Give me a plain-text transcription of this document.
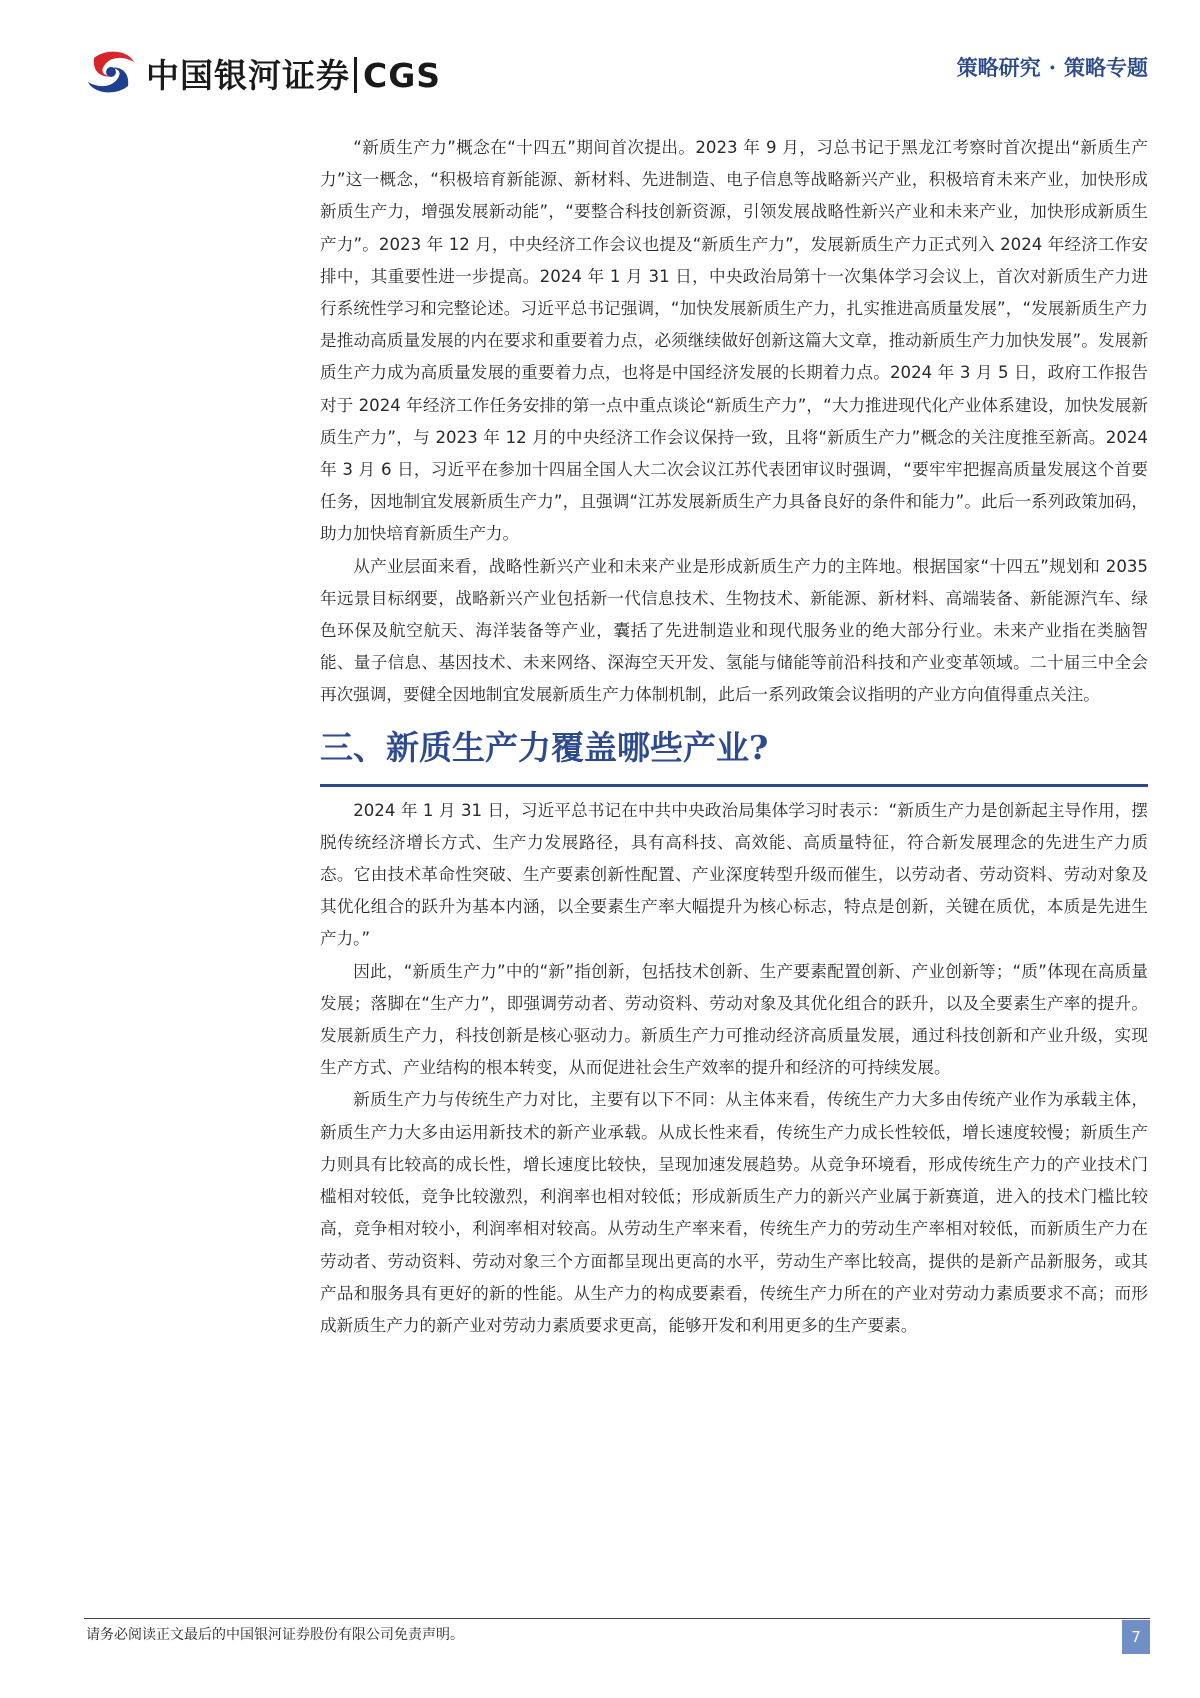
中国银河证券 CGS	策略研究 · 策略专题

“新质生产力”概念在“十四五”期间首次提出。2023 年 9 月，习总书记于黑龙江考察时首次提出“新质生产力”这一概念，“积极培育新能源、新材料、先进制造、电子信息等战略新兴产业，积极培育未来产业，加快形成新质生产力，增强发展新动能”，“要整合科技创新资源，引领发展战略性新兴产业和未来产业，加快形成新质生产力”。2023 年 12 月，中央经济工作会议也提及“新质生产力”，发展新质生产力正式列入 2024 年经济工作安排中，其重要性进一步提高。2024 年 1 月 31 日，中央政治局第十一次集体学习会议上，首次对新质生产力进行系统性学习和完整论述。习近平总书记强调，“加快发展新质生产力，扎实推进高质量发展”，“发展新质生产力是推动高质量发展的内在要求和重要着力点，必须继续做好创新这篇大文章，推动新质生产力加快发展”。发展新质生产力成为高质量发展的重要着力点，也将是中国经济发展的长期着力点。2024 年 3 月 5 日，政府工作报告对于 2024 年经济工作任务安排的第一点中重点谈论“新质生产力”，“大力推进现代化产业体系建设，加快发展新质生产力”，与 2023 年 12 月的中央经济工作会议保持一致，且将“新质生产力”概念的关注度推至新高。2024 年 3 月 6 日，习近平在参加十四届全国人大二次会议江苏代表团审议时强调，“要牢牢把握高质量发展这个首要任务，因地制宜发展新质生产力”，且强调“江苏发展新质生产力具备良好的条件和能力”。此后一系列政策加码，助力加快培育新质生产力。

从产业层面来看，战略性新兴产业和未来产业是形成新质生产力的主阵地。根据国家“十四五”规划和 2035 年远景目标纲要，战略新兴产业包括新一代信息技术、生物技术、新能源、新材料、高端装备、新能源汽车、绿色环保及航空航天、海洋装备等产业，囊括了先进制造业和现代服务业的绝大部分行业。未来产业指在类脑智能、量子信息、基因技术、未来网络、深海空天开发、氢能与储能等前沿科技和产业变革领域。二十届三中全会再次强调，要健全因地制宜发展新质生产力体制机制，此后一系列政策会议指明的产业方向值得重点关注。

三、新质生产力覆盖哪些产业?

2024 年 1 月 31 日，习近平总书记在中共中央政治局集体学习时表示：“新质生产力是创新起主导作用，摆脱传统经济增长方式、生产力发展路径，具有高科技、高效能、高质量特征，符合新发展理念的先进生产力质态。它由技术革命性突破、生产要素创新性配置、产业深度转型升级而催生，以劳动者、劳动资料、劳动对象及其优化组合的跃升为基本内涵，以全要素生产率大幅提升为核心标志，特点是创新，关键在质优，本质是先进生产力。”

因此，“新质生产力”中的“新”指创新，包括技术创新、生产要素配置创新、产业创新等；“质”体现在高质量发展；落脚在“生产力”，即强调劳动者、劳动资料、劳动对象及其优化组合的跃升，以及全要素生产率的提升。发展新质生产力，科技创新是核心驱动力。新质生产力可推动经济高质量发展，通过科技创新和产业升级，实现生产方式、产业结构的根本转变，从而促进社会生产效率的提升和经济的可持续发展。

新质生产力与传统生产力对比，主要有以下不同：从主体来看，传统生产力大多由传统产业作为承载主体，新质生产力大多由运用新技术的新产业承载。从成长性来看，传统生产力成长性较低，增长速度较慢；新质生产力则具有比较高的成长性，增长速度比较快，呈现加速发展趋势。从竞争环境看，形成传统生产力的产业技术门槛相对较低，竞争比较激烈，利润率也相对较低；形成新质生产力的新兴产业属于新赛道，进入的技术门槛比较高，竞争相对较小，利润率相对较高。从劳动生产率来看，传统生产力的劳动生产率相对较低，而新质生产力在劳动者、劳动资料、劳动对象三个方面都呈现出更高的水平，劳动生产率比较高，提供的是新产品新服务，或其产品和服务具有更好的新的性能。从生产力的构成要素看，传统生产力所在的产业对劳动力素质要求不高；而形成新质生产力的新产业对劳动力素质要求更高，能够开发和利用更多的生产要素。

请务必阅读正文最后的中国银河证券股份有限公司免责声明。	7
